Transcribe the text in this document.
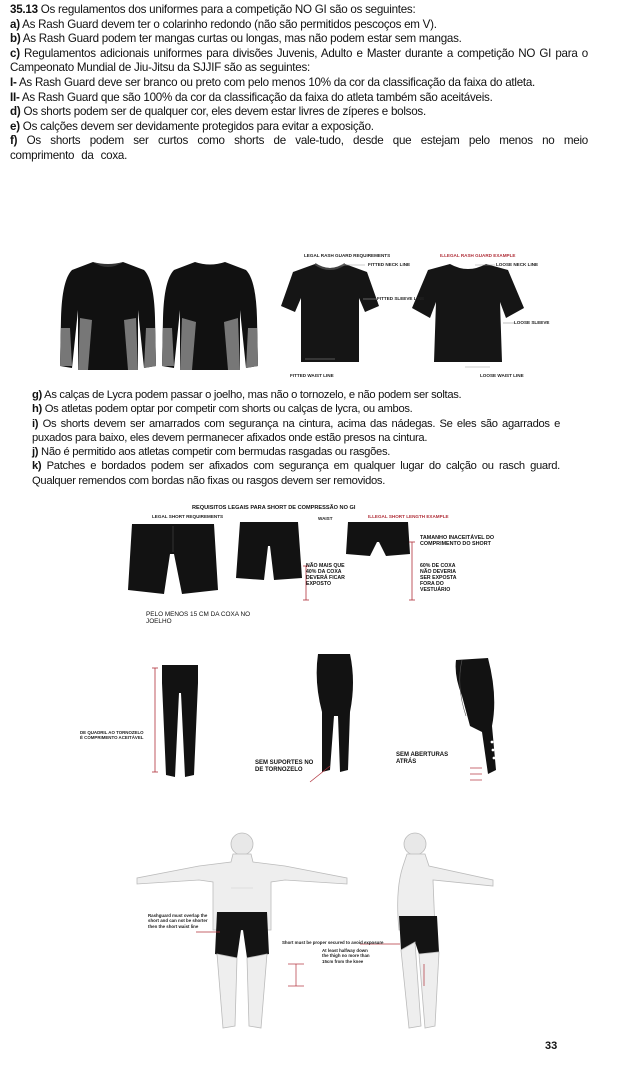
35.13 Os regulamentos dos uniformes para a competição NO GI são os seguintes:

a) As Rash Guard devem ter o colarinho redondo (não são permitidos pescoços em V).

b) As Rash Guard podem ter mangas curtas ou longas, mas não podem estar sem mangas.

c) Regulamentos adicionais uniformes para divisões Juvenis, Adulto e Master durante a competição NO GI para o Campeonato Mundial de Jiu-Jitsu da SJJIF são as seguintes:

I- As Rash Guard deve ser branco ou preto com pelo menos 10% da cor da classificação da faixa do atleta.

II- As Rash Guard que são 100% da cor da classificação da faixa do atleta também são aceitáveis.

d) Os shorts podem ser de qualquer cor, eles devem estar livres de zíperes e bolsos.

e) Os calções devem ser devidamente protegidos para evitar a exposição.

f) Os shorts podem ser curtos como shorts de vale-tudo, desde que estejam pelo menos no meio comprimento da coxa.

LEGAL RASH GUARD REQUIREMENTS	ILLEGAL RASH GUARD EXAMPLE
FITTED NECK LINE
FITTED SLEEVE LINE
FITTED WAIST LINE
LOOSE NECK LINE
LOOSE SLEEVE
LOOSE WAIST LINE

g) As calças de Lycra podem passar o joelho, mas não o tornozelo, e não podem ser soltas.

h) Os atletas podem optar por competir com shorts ou calças de lycra, ou ambos.

i) Os shorts devem ser amarrados com segurança na cintura, acima das nádegas. Se eles são agarrados e puxados para baixo, eles devem permanecer afixados onde estão presos na cintura.

j) Não é permitido aos atletas competir com bermudas rasgadas ou rasgões.

k) Patches e bordados podem ser afixados com segurança em qualquer lugar do calção ou rasch guard. Qualquer remendos com bordas não fixas ou rasgos devem ser removidos.

REQUISITOS LEGAIS PARA SHORT DE COMPRESSÃO NO GI
LEGAL SHORT REQUIREMENTS	ILLEGAL SHORT LENGTH EXAMPLE
WAIST
NÃO MAIS QUE 40% DA COXA DEVERÁ FICAR EXPOSTO
TAMANHO INACEITÁVEL DO COMPRIMENTO DO SHORT
60% DE COXA NÃO DEVERIA SER EXPOSTA FORA DO VESTUÁRIO
PELO MENOS 15 CM DA COXA NO JOELHO
DE QUADRIL AO TORNOZELO É COMPRIMENTO ACEITÁVEL
SEM SUPORTES NO DE TORNOZELO
SEM ABERTURAS ATRÁS
Rashguard must overlap the short and can not be shorter then the short waist line
Short must be proper secured to avoid exposure
At least halfway down the thigh no more than 15cm from the knee
33
